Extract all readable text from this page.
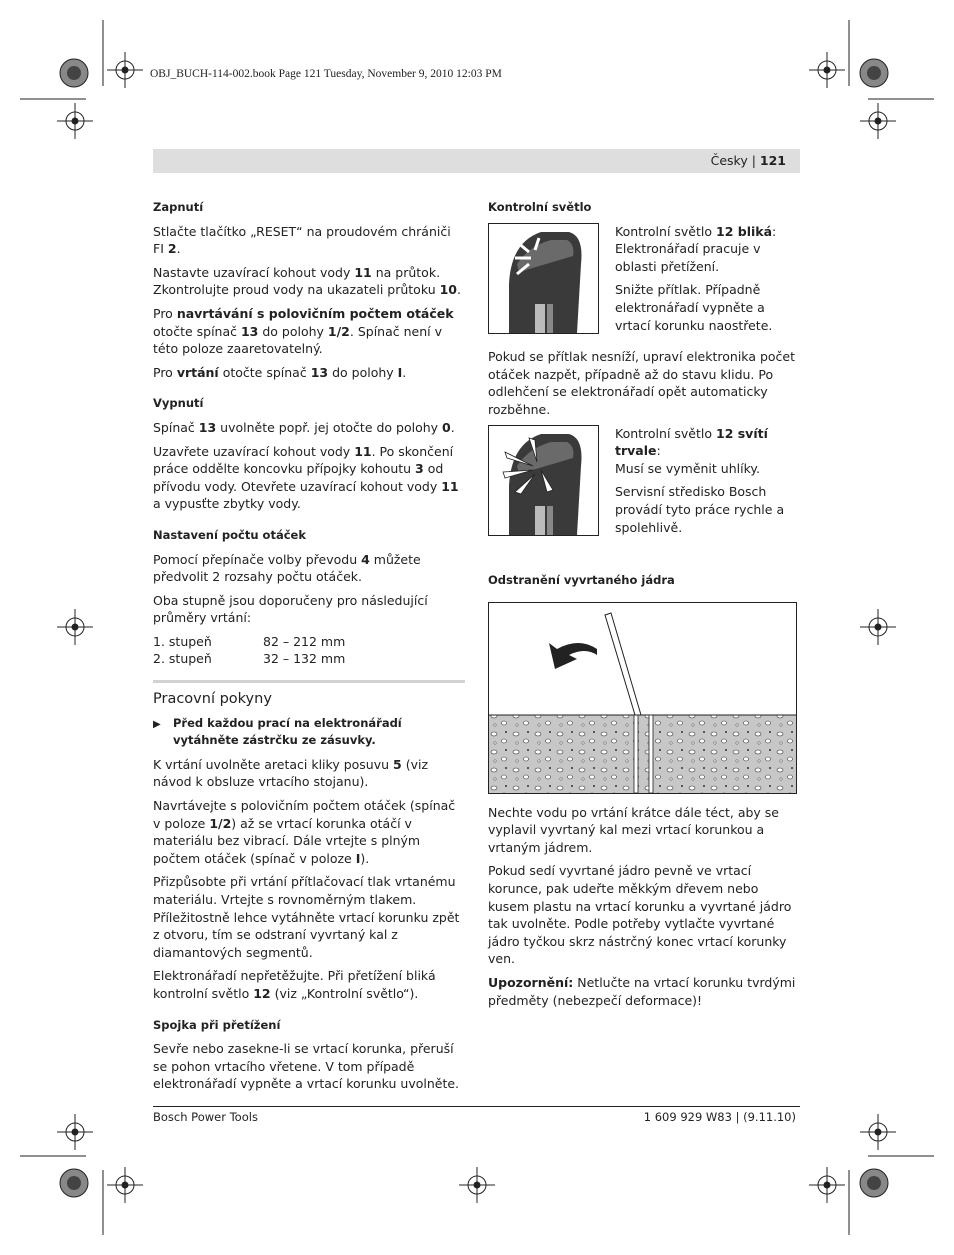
OBJ_BUCH-114-002.book Page 121 Tuesday, November 9, 2010 12:03 PM
Česky | 121
Zapnutí

Stlačte tlačítko „RESET“ na proudovém chrániči FI 2.

Nastavte uzavírací kohout vody 11 na průtok. Zkontrolujte proud vody na ukazateli průtoku 10.

Pro navrtávání s polovičním počtem otáček otočte spínač 13 do polohy 1/2. Spínač není v této poloze zaaretovatelný.

Pro vrtání otočte spínač 13 do polohy I.

Vypnutí

Spínač 13 uvolněte popř. jej otočte do polohy 0.

Uzavřete uzavírací kohout vody 11. Po skončení práce oddělte koncovku přípojky kohoutu 3 od přívodu vody. Otevřete uzavírací kohout vody 11 a vypusťte zbytky vody.

Nastavení počtu otáček

Pomocí přepínače volby převodu 4 můžete předvolit 2 rozsahy počtu otáček.

Oba stupně jsou doporučeny pro následující průměry vrtání:

1. stupeň	82 – 212 mm
2. stupeň	32 – 132 mm
Pracovní pokyny
▶	Před každou prací na elektronářadí vytáhněte zástrčku ze zásuvky.

K vrtání uvolněte aretaci kliky posuvu 5 (viz návod k obsluze vrtacího stojanu).

Navrtávejte s polovičním počtem otáček (spínač v poloze 1/2) až se vrtací korunka otáčí v materiálu bez vibrací. Dále vrtejte s plným počtem otáček (spínač v poloze I).

Přizpůsobte při vrtání přítlačovací tlak vrtanému materiálu. Vrtejte s rovnoměrným tlakem. Příležitostně lehce vytáhněte vrtací korunku zpět z otvoru, tím se odstraní vyvrtaný kal z diamantových segmentů.

Elektronářadí nepřetěžujte. Při přetížení bliká kontrolní světlo 12 (viz „Kontrolní světlo“).

Spojka při přetížení

Sevře nebo zasekne-li se vrtací korunka, přeruší se pohon vrtacího vřetene. V tom případě elektronářadí vypněte a vrtací korunku uvolněte.

Kontrolní světlo

Kontrolní světlo 12 bliká:
Elektronářadí pracuje v oblasti přetížení.

Snižte přítlak. Případně elektronářadí vypněte a vrtací korunku naostřete.

Pokud se přítlak nesníží, upraví elektronika počet otáček nazpět, případně až do stavu klidu. Po odlehčení se elektronářadí opět automaticky rozběhne.

Kontrolní světlo 12 svítí trvale:
Musí se vyměnit uhlíky.

Servisní středisko Bosch provádí tyto práce rychle a spolehlivě.

Odstranění vyvrtaného jádra

Nechte vodu po vrtání krátce dále téct, aby se vyplavil vyvrtaný kal mezi vrtací korunkou a vrtaným jádrem.

Pokud sedí vyvrtané jádro pevně ve vrtací korunce, pak udeřte měkkým dřevem nebo kusem plastu na vrtací korunku a vyvrtané jádro tak uvolněte. Podle potřeby vytlačte vyvrtané jádro tyčkou skrz nástrčný konec vrtací korunky ven.

Upozornění: Netlučte na vrtací korunku tvrdými předměty (nebezpečí deformace)!

Bosch Power Tools	1 609 929 W83 | (9.11.10)
